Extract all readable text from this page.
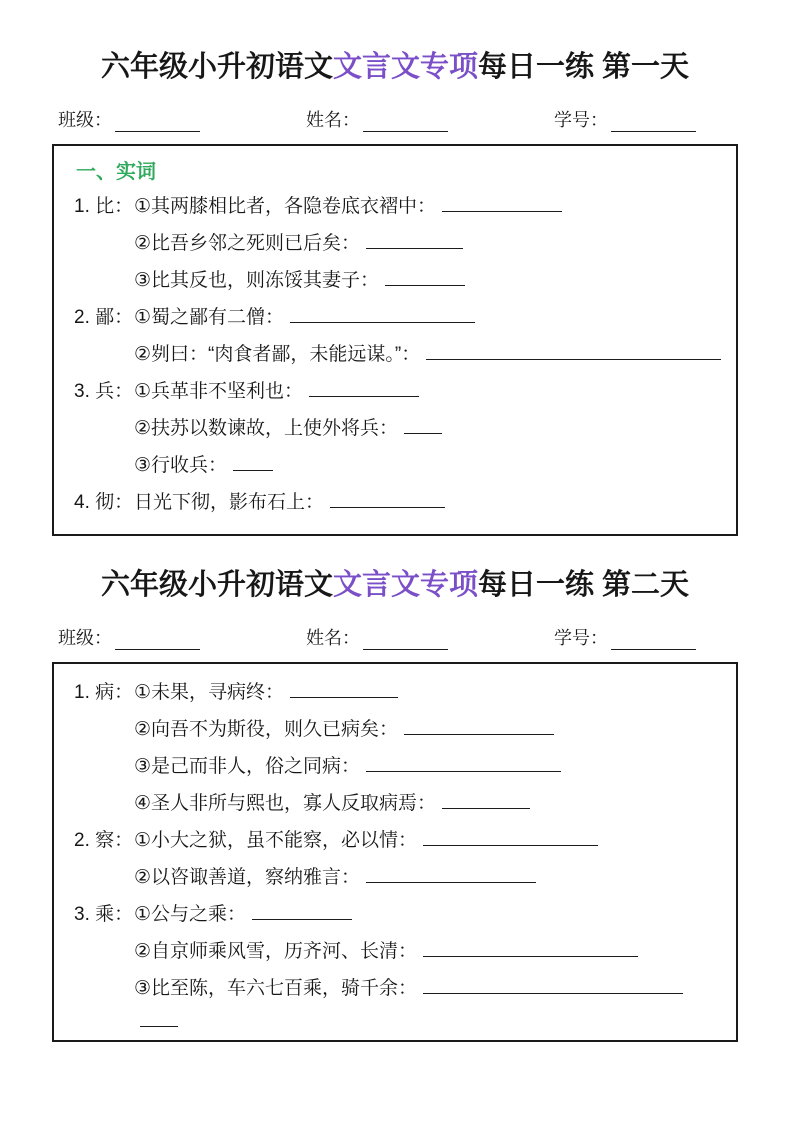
六年级小升初语文文言文专项每日一练 第一天
班级：	姓名：	学号：
一、实词
1. 比： ①其两膝相比者，各隐卷底衣褶中：
②比吾乡邻之死则已后矣：
③比其反也，则冻馁其妻子：
2. 鄙： ①蜀之鄙有二僧：
②刿曰：“肉食者鄙，未能远谋。”：
3. 兵： ①兵革非不坚利也：
②扶苏以数谏故，上使外将兵：
③行收兵：
4. 彻： 日光下彻，影布石上：
六年级小升初语文文言文专项每日一练 第二天
班级：	姓名：	学号：
1. 病： ①未果，寻病终：
②向吾不为斯役，则久已病矣：
③是己而非人，俗之同病：
④圣人非所与熙也，寡人反取病焉：
2. 察： ①小大之狱，虽不能察，必以情：
②以咨诹善道，察纳雅言：
3. 乘： ①公与之乘：
②自京师乘风雪，历齐河、长清：
③比至陈，车六七百乘，骑千余：
